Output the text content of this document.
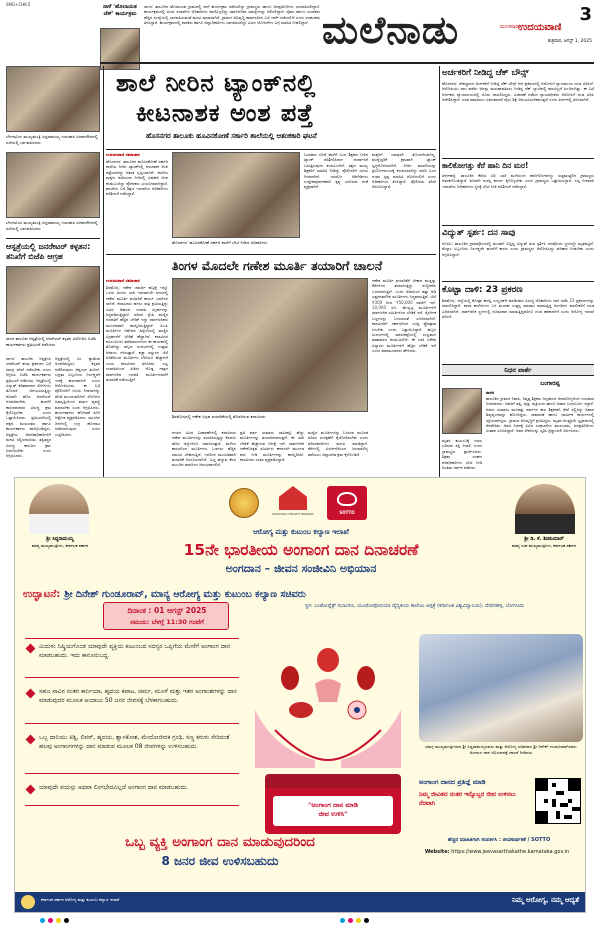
SMG+CHK-5	ನಾಳೆ 'ಹೊಲಾಯತ ಚೆಕ್' ಕಾರ್ಯಕ್ರಮ
ಸಾಗರ: ತಾಲೂಕಿನ ಹೊಲಾಯತ ಗ್ರಾಮದಲ್ಲಿ ನಾಳೆ ಕಾರ್ಯಕ್ರಮ ನಡೆಯಲಿದ್ದು ಗ್ರಾಮಸ್ಥರು ಹಾಗೂ ಜನಪ್ರತಿನಿಧಿಗಳು ಭಾಗವಹಿಸಲಿದ್ದಾರೆ. ಕಾರ್ಯಕ್ರಮದಲ್ಲಿ ವಿವಿಧ ಇಲಾಖೆಗಳ ಅಧಿಕಾರಿಗಳು ಪಾಲ್ಗೊಳ್ಳಲಿದ್ದು ಸಾರ್ವಜನಿಕರ ಸಮಸ್ಯೆಗಳನ್ನು ಆಲಿಸಲಿದ್ದಾರೆ. ರೈತರು ಹಾಗೂ ಯುವಕರು ಹೆಚ್ಚಿನ ಸಂಖ್ಯೆಯಲ್ಲಿ ಭಾಗವಹಿಸುವಂತೆ ಮನವಿ ಮಾಡಲಾಗಿದೆ. ಗ್ರಾಮದ ಅಭಿವೃದ್ಧಿ ಕಾಮಗಾರಿಗಳ ಬಗ್ಗೆ ಚರ್ಚೆ ನಡೆಯಲಿದೆ ಎಂದು ಸಂಘಟಕರು ತಿಳಿಸಿದ್ದಾರೆ. ಕಾರ್ಯಕ್ರಮದಲ್ಲಿ ಶಾಸಕರು ಹಾಗೂ ಜಿಲ್ಲಾಧಿಕಾರಿಗಳು ಭಾಗವಹಿಸಲಿದ್ದು ವಿವಿಧ ಯೋಜನೆಗಳ ಬಗ್ಗೆ ಮಾಹಿತಿ ನೀಡಲಿದ್ದಾರೆ. ಮಲೆನಾಡು	ಮಂಗಳವಾರ ಉದಯವಾಣಿ
3
ಶುಕ್ರವಾರ, ಆಗಸ್ಟ್ 1, 2025
ಬೆಳಗಾವಿಯ ಮುಖ್ಯಮಂತ್ರಿ ಸಿದ್ದರಾಮಯ್ಯ ಗುರುವಾರ ವಿಧಾನಸೌಧದಲ್ಲಿ ಸಭೆಯಲ್ಲಿ ಭಾಗವಹಿಸಿದರು
ಬೆಳಗಾವಿಯ ಮುಖ್ಯಮಂತ್ರಿ ಸಿದ್ದರಾಮಯ್ಯ ಗುರುವಾರ ವಿಧಾನಸೌಧದಲ್ಲಿ ಸಭೆಯಲ್ಲಿ ಭಾಗವಹಿಸಿದರು
ಆಸ್ಪತ್ರೆಯಲ್ಲಿ ಜನರೇಟರ್ ಕಳ್ಳತನ: ತನಿಖೆಗೆ ಬಿಜೆಪಿ ಆಗ್ರಹ
ಸಾಗರ ತಾಲೂಕು ಆಸ್ಪತ್ರೆಯಲ್ಲಿ ಜನರೇಟರ್ ಕಳ್ಳತನ ವಿರೋಧಿಸಿ ಬಿಜೆಪಿ ಕಾರ್ಯಕರ್ತರು ಪ್ರತಿಭಟನೆ ನಡೆಸಿದರು
ಸಾಗರ: ತಾಲೂಕು ಆಸ್ಪತ್ರೆಯ ಜನರೇಟರ್ ಕಳವು ಪ್ರಕರಣದ ಬಗ್ಗೆ ಸಮಗ್ರ ತನಿಖೆ ನಡೆಸಬೇಕು ಎಂದು ಆಗ್ರಹಿಸಿ ಬಿಜೆಪಿ ಕಾರ್ಯಕರ್ತರು ಪ್ರತಿಭಟನೆ ನಡೆಸಿದರು. ಆಸ್ಪತ್ರೆಯಲ್ಲಿ ವಿದ್ಯುತ್ ಕಡಿತವಾದಾಗ ರೋಗಿಗಳು ತೊಂದರೆ ಅನುಭವಿಸುತ್ತಿದ್ದು ಕೂಡಲೇ ಹೊಸ ಜನರೇಟರ್ ಅಳವಡಿಸಬೇಕು. ಘಟನೆಗೆ ಕಾರಣರಾದವರ ವಿರುದ್ಧ ಕ್ರಮ ಕೈಗೊಳ್ಳಬೇಕು ಎಂದು ಒತ್ತಾಯಿಸಿದರು. ಪ್ರತಿಭಟನೆಯಲ್ಲಿ ಪಕ್ಷದ ಮುಖಂಡರು ಹಾಗೂ ಕಾರ್ಯಕರ್ತರು ಪಾಲ್ಗೊಂಡಿದ್ದರು. ಆಸ್ಪತ್ರೆಯ ಆಡಳಿತಾಧಿಕಾರಿಗಳಿಗೆ ಮನವಿ ಸಲ್ಲಿಸಲಾಯಿತು. ತಪ್ಪಿತಸ್ಥರ ವಿರುದ್ಧ ಕಾನೂನು ಕ್ರಮ ಜರುಗಿಸಬೇಕು ಎಂದು ಆಗ್ರಹಿಸಿದರು.
ಆಸ್ಪತ್ರೆಯಲ್ಲಿ ಸಿಸಿ ಕ್ಯಾಮೆರಾ ಅಳವಡಿಸಿದ್ದರೂ ಕಳ್ಳತನ ನಡೆದಿರುವುದು ಆಶ್ಚರ್ಯ ತಂದಿದೆ. ಭದ್ರತಾ ಸಿಬ್ಬಂದಿಯ ನಿರ್ಲಕ್ಷ್ಯವೇ ಇದಕ್ಕೆ ಕಾರಣವಾಗಿದೆ ಎಂದು ಆರೋಪಿಸಿದರು. ಈ ಬಗ್ಗೆ ಪೊಲೀಸರಿಗೆ ದೂರು ನೀಡಲಾಗಿದ್ದು ತನಿಖೆ ಮುಂದುವರಿದಿದೆ. ರೋಗಿಗಳ ಹಿತದೃಷ್ಟಿಯಿಂದ ತುರ್ತು ವ್ಯವಸ್ಥೆ ಮಾಡಬೇಕು ಎಂದು ಆಗ್ರಹಿಸಿದರು. ಕಾರ್ಯಕರ್ತರು ಘೋಷಣೆ ಕೂಗಿ ಆಕ್ರೋಶ ವ್ಯಕ್ತಪಡಿಸಿದರು. ಮುಂದಿನ ದಿನಗಳಲ್ಲಿ ಉಗ್ರ ಹೋರಾಟ ನಡೆಸಲಾಗುವುದು ಎಂದು ಎಚ್ಚರಿಸಿದರು.
ಶಾಲೆ ನೀರಿನ ಟ್ಯಾಂಕ್‌ನಲ್ಲಿ
ಕೀಟನಾಶಕ ಅಂಶ ಪತ್ತೆ
ಹೊಸನಗರ ತಾಲೂಕು ಹೂವಿನಕೋಣೆ ಸರ್ಕಾರಿ ಶಾಲೆಯಲ್ಲಿ ಆತಂಕಕಾರಿ ಘಟನೆ
ಉದಯವಾಣಿ ಸಮಾಚಾರ
ಹೊಸನಗರ: ತಾಲೂಕಿನ ಹೂವಿನಕೋಣೆ ಸರ್ಕಾರಿ ಶಾಲೆಯ ನೀರಿನ ಟ್ಯಾಂಕ್‌ನಲ್ಲಿ ಕೀಟನಾಶಕ ಅಂಶ ಪತ್ತೆಯಾಗಿದ್ದು ಆತಂಕ ಸೃಷ್ಟಿಯಾಗಿದೆ. ಶಾಲೆಯ ಮಕ್ಕಳು ಕುಡಿಯುವ ನೀರಿನಲ್ಲಿ ವಿಷಕಾರಿ ಅಂಶ ಕಂಡುಬಂದಿದ್ದು ಪೋಷಕರು ಭಯಭೀತರಾಗಿದ್ದಾರೆ. ಘಟನೆಯ ಬಗ್ಗೆ ಶಿಕ್ಷಣ ಇಲಾಖೆಯ ಅಧಿಕಾರಿಗಳು ಪರಿಶೀಲನೆ ನಡೆಸಿದ್ದಾರೆ.
ಹೊಸನಗರ: ಹೂವಿನಕೋಣೆ ಸರ್ಕಾರಿ ಶಾಲೆಗೆ ಭೇಟಿ ನೀಡಿದ ಅಧಿಕಾರಿಗಳು
ಬುಧವಾರ ಬೆಳಗ್ಗೆ ಶಾಲೆಗೆ ಬಂದ ಶಿಕ್ಷಕರು ನೀರಿನ ಟ್ಯಾಂಕ್ ಪರಿಶೀಲಿಸಿದಾಗ ದುರ್ವಾಸನೆ ಬರುತ್ತಿರುವುದು ಕಂಡುಬಂದಿದೆ. ತಕ್ಷಣ ಮುಖ್ಯ ಶಿಕ್ಷಕರಿಗೆ ಮಾಹಿತಿ ನೀಡಿದ್ದು ಪೊಲೀಸರಿಗೆ ದೂರು ನೀಡಲಾಗಿದೆ. ಯಾರೋ ಕಿಡಿಗೇಡಿಗಳು ಉದ್ದೇಶಪೂರ್ವಕವಾಗಿ ಕೃತ್ಯ ಎಸಗಿರುವ ಶಂಕೆ ವ್ಯಕ್ತವಾಗಿದೆ.
ಮಕ್ಕಳಿಗೆ ಯಾವುದೇ ತೊಂದರೆಯಾಗಿಲ್ಲ. ಮುನ್ನೆಚ್ಚರಿಕೆ ಕ್ರಮವಾಗಿ ಟ್ಯಾಂಕ್ ಸ್ವಚ್ಛಗೊಳಿಸಲಾಗಿದೆ. ನೀರಿನ ಮಾದರಿಯನ್ನು ಪ್ರಯೋಗಾಲಯಕ್ಕೆ ಕಳುಹಿಸಲಾಗಿದ್ದು ವರದಿ ಬಂದ ನಂತರ ಸ್ಪಷ್ಟ ಮಾಹಿತಿ ದೊರೆಯಲಿದೆ ಎಂದು ಅಧಿಕಾರಿಗಳು ತಿಳಿಸಿದ್ದಾರೆ. ಪೊಲೀಸರು ತನಿಖೆ ಆರಂಭಿಸಿದ್ದಾರೆ.
ತಿಂಗಳ ಮೊದಲೇ ಗಣೇಶ ಮೂರ್ತಿ ತಯಾರಿಗೆ ಚಾಲನೆ
ಉದಯವಾಣಿ ಸಮಾಚಾರ
ಶಿವಮೊಗ್ಗ: ಗಣೇಶ ಚತುರ್ಥಿ ಹಬ್ಬಕ್ಕೆ ಇನ್ನೂ ಒಂದು ತಿಂಗಳು ಬಾಕಿ ಇರುವಾಗಲೇ ನಗರದಲ್ಲಿ ಗಣೇಶ ಮೂರ್ತಿ ತಯಾರಿಕೆ ಕಾರ್ಯ ಭರದಿಂದ ಸಾಗಿದೆ. ಕಲಾವಿದರು ಹಗಲು ರಾತ್ರಿ ಶ್ರಮಿಸುತ್ತಿದ್ದು ವಿವಿಧ ಆಕಾರದ ಗಣಪತಿ ವಿಗ್ರಹಗಳನ್ನು ಸಿದ್ಧಪಡಿಸುತ್ತಿದ್ದಾರೆ. ಪರಿಸರ ಸ್ನೇಹಿ ಮಣ್ಣಿನ ಗಣಪತಿಗೆ ಹೆಚ್ಚಿನ ಬೇಡಿಕೆ ಇದ್ದು ಸಾರ್ವಜನಿಕರು ಮುಂಗಡವಾಗಿ ಕಾಯ್ದಿರಿಸುತ್ತಿದ್ದಾರೆ. ಪಿಒಪಿ ಮೂರ್ತಿಗಳ ನಿಷೇಧದ ಹಿನ್ನೆಲೆಯಲ್ಲಿ ಮಣ್ಣಿನ ವಿಗ್ರಹಗಳಿಗೆ ಬೇಡಿಕೆ ಹೆಚ್ಚಾಗಿದೆ. ಕಲಾವಿದರ ಕುಟುಂಬಗಳು ತಲೆಮಾರುಗಳಿಂದ ಈ ಕಾಯಕದಲ್ಲಿ ತೊಡಗಿದ್ದು ಹಬ್ಬದ ಸಂದರ್ಭದಲ್ಲಿ ಉತ್ತಮ ಆದಾಯ ಗಳಿಸುತ್ತಾರೆ. ಕಚ್ಚಾ ವಸ್ತುಗಳ ಬೆಲೆ ಏರಿಕೆಯಿಂದ ಮೂರ್ತಿಗಳ ಬೆಲೆಯೂ ಹೆಚ್ಚಾಗಿದೆ ಎಂದು ಕಲಾವಿದರು ತಿಳಿಸಿದರು. ಸಣ್ಣ ಗಣಪತಿಯಿಂದ ಹಿಡಿದು ದೊಡ್ಡ ಗಾತ್ರದ ಸಾರ್ವಜನಿಕ ಗಣಪತಿ ಮೂರ್ತಿಗಳವರೆಗೆ ತಯಾರಿಕೆ ನಡೆಯುತ್ತಿದೆ.
ಶಿವಮೊಗ್ಗದಲ್ಲಿ ಗಣೇಶ ವಿಗ್ರಹ ತಯಾರಿಕೆಯಲ್ಲಿ ತೊಡಗಿರುವ ಕಲಾವಿದರು
ನಗರದ ವಿವಿಧ ಬಡಾವಣೆಗಳಲ್ಲಿ ಕಲಾವಿದರು ಗಣೇಶ ಮೂರ್ತಿಗಳನ್ನು ತಯಾರಿಸುತ್ತಿದ್ದು ಕೆಲವರು ಹೊರ ಜಿಲ್ಲೆಗಳಿಗೂ ರವಾನಿಸುತ್ತಾರೆ. ಮಳೆಯ ಕಾರಣದಿಂದ ಮೂರ್ತಿಗಳು ಒಣಗಲು ಹೆಚ್ಚಿನ ಸಮಯ ಬೇಕಾಗುತ್ತಿದೆ. ಇದರಿಂದ ಮುಂಚಿತವಾಗಿ ತಯಾರಿಕೆ ಆರಂಭಿಸಲಾಗಿದೆ. ಬಣ್ಣ ಹಚ್ಚುವ ಕೆಲಸ ಮುಂದಿನ ವಾರದಿಂದ ಆರಂಭವಾಗಲಿದೆ.
ಪ್ರತಿ ವರ್ಷ ಸುಮಾರು ಸಾವಿರಕ್ಕೂ ಹೆಚ್ಚು ಮೂರ್ತಿಗಳನ್ನು ತಯಾರಿಸಲಾಗುತ್ತದೆ. ಈ ಬಾರಿ ಬೇಡಿಕೆ ಹೆಚ್ಚಾಗುವ ನಿರೀಕ್ಷೆ ಇದೆ. ಸಾರ್ವಜನಿಕ ಗಣೇಶೋತ್ಸವ ಸಮಿತಿಗಳು ಈಗಾಗಲೇ ಮುಂಗಡ ಹಣ ನೀಡಿ ಮೂರ್ತಿಗಳನ್ನು ಕಾಯ್ದಿರಿಸಿವೆ. ಕಲಾವಿದರು ಸಂತಸ ವ್ಯಕ್ತಪಡಿಸಿದ್ದಾರೆ.
ಮಣ್ಣಿನ ಮೂರ್ತಿಗಳನ್ನು ಬಳಸುವ ಮೂಲಕ ಪರಿಸರ ಸಂರಕ್ಷಣೆಗೆ ಕೈಜೋಡಿಸಬೇಕು ಎಂದು ಪರಿಸರವಾದಿಗಳು ಮನವಿ ಮಾಡಿದ್ದಾರೆ. ಕೆರೆಗಳಲ್ಲಿ ವಿಸರ್ಜನೆಯಿಂದ ಜಲಮಾಲಿನ್ಯ ತಡೆಯಲು ಜಿಲ್ಲಾಡಳಿತ ಕ್ರಮ ಕೈಗೊಂಡಿದೆ.
ಗಣೇಶ ಮೂರ್ತಿ ತಯಾರಿಕೆಗೆ ಬೇಕಾದ ಮಣ್ಣನ್ನು ಕೆರೆಗಳಿಂದ ತರಲಾಗುತ್ತಿದ್ದು ಶುದ್ಧೀಕರಿಸಿ ಬಳಸಲಾಗುತ್ತದೆ. ಒಂದು ಅಡಿಯಿಂದ ಹತ್ತು ಅಡಿ ಎತ್ತರದವರೆಗಿನ ಮೂರ್ತಿಗಳು ಸಿದ್ಧವಾಗುತ್ತಿವೆ. ಬೆಲೆ ₹300 ರಿಂದ ₹50,000 ರವರೆಗೆ ಇದೆ. 10,000 ರೂ. ಮೇಲ್ಪಟ್ಟ ಮೂರ್ತಿಗಳಿಗೆ ಸಾರ್ವಜನಿಕ ಸಮಿತಿಗಳಿಂದ ಬೇಡಿಕೆ ಇದೆ. ನೈಸರ್ಗಿಕ ಬಣ್ಣಗಳನ್ನು ಬಳಸುವಂತೆ ಸೂಚಿಸಲಾಗಿದೆ. ಕಲಾವಿದರಿಗೆ ಸರ್ಕಾರದಿಂದ ಸೂಕ್ತ ಪ್ರೋತ್ಸಾಹ ಸಿಗಬೇಕು ಎಂದು ಒತ್ತಾಯಿಸಿದ್ದಾರೆ. ಹಬ್ಬದ ಸಂದರ್ಭದಲ್ಲಿ ಮಾರುಕಟ್ಟೆಯಲ್ಲಿ ಸಂಭ್ರಮದ ವಾತಾವರಣ ಕಂಡುಬರಲಿದೆ. ಈ ಬಾರಿ ವಿಶೇಷ ವಿನ್ಯಾಸದ ಮೂರ್ತಿಗಳಿಗೆ ಹೆಚ್ಚಿನ ಬೇಡಿಕೆ ಇದೆ ಎಂದು ಮಾರಾಟಗಾರರು ಹೇಳಿದರು.
ಅರ್ಚಕರಿಗೆ ನೀಡಿದ್ದ ಚೆಕ್ ಬೌನ್ಸ್
ಹೊಸನಗರ: ದೇವಸ್ಥಾನದ ಅರ್ಚಕರಿಗೆ ನೀಡಿದ್ದ ಚೆಕ್ ಬೌನ್ಸ್ ಆದ ಪ್ರಕರಣದಲ್ಲಿ ಆರೋಪಿಗೆ ನ್ಯಾಯಾಲಯ ದಂಡ ವಿಧಿಸಿದೆ. ಆರೋಪಿಯು ಸಾಲ ಪಡೆದು ಅದನ್ನು ಮರುಪಾವತಿಸಲು ನೀಡಿದ್ದ ಚೆಕ್ ಬ್ಯಾಂಕಿನಲ್ಲಿ ಹಣವಿಲ್ಲದೆ ಹಿಂದಿರುಗಿತ್ತು. ಈ ಬಗ್ಗೆ ಅರ್ಚಕರು ನ್ಯಾಯಾಲಯದಲ್ಲಿ ದೂರು ದಾಖಲಿಸಿದ್ದರು. ವಿಚಾರಣೆ ನಡೆಸಿದ ನ್ಯಾಯಾಧೀಶರು ಆರೋಪಿಗೆ ದಂಡ ವಿಧಿಸಿ ಆದೇಶಿಸಿದ್ದಾರೆ. ದಂಡ ಪಾವತಿಸಲು ವಿಫಲವಾದರೆ ಜೈಲು ಶಿಕ್ಷೆ ಅನುಭವಿಸಬೇಕಾಗುತ್ತದೆ ಎಂದು ತೀರ್ಪಿನಲ್ಲಿ ತಿಳಿಸಲಾಗಿದೆ.
ಕಾಲಿಕೋಗತ್ತು ಕೆರೆ ಹಾನಿ ದಿನ ಮರ!
ತೀರ್ಥಹಳ್ಳಿ: ತಾಲೂಕಿನ ಕೆರೆಯ ಏರಿ ಭಾರಿ ಮಳೆಯಿಂದ ಹಾನಿಗೊಳಗಾಗಿದ್ದು ಸುತ್ತಮುತ್ತಲಿನ ಗ್ರಾಮಸ್ಥರು ಆತಂಕಗೊಂಡಿದ್ದಾರೆ. ಕೂಡಲೇ ದುರಸ್ತಿ ಕಾರ್ಯ ಕೈಗೊಳ್ಳಬೇಕು ಎಂದು ಗ್ರಾಮಸ್ಥರು ಒತ್ತಾಯಿಸಿದ್ದಾರೆ. ಸಣ್ಣ ನೀರಾವರಿ ಇಲಾಖೆಯ ಅಧಿಕಾರಿಗಳು ಸ್ಥಳಕ್ಕೆ ಭೇಟಿ ನೀಡಿ ಪರಿಶೀಲನೆ ನಡೆಸಿದ್ದಾರೆ.
ವಿದ್ಯುತ್ ಸ್ಪರ್ಶ: ದನ ಸಾವು
ಸೊರಬ: ತಾಲೂಕಿನ ಗ್ರಾಮವೊಂದರಲ್ಲಿ ತುಂಡಾಗಿ ಬಿದ್ದಿದ್ದ ವಿದ್ಯುತ್ ತಂತಿ ಸ್ಪರ್ಶಿಸಿ ದನವೊಂದು ಸ್ಥಳದಲ್ಲೇ ಮೃತಪಟ್ಟಿದೆ. ಮೆಸ್ಕಾಂ ಸಿಬ್ಬಂದಿಯ ನಿರ್ಲಕ್ಷ್ಯವೇ ಘಟನೆಗೆ ಕಾರಣ ಎಂದು ಗ್ರಾಮಸ್ಥರು ಆರೋಪಿಸಿದ್ದು ಪರಿಹಾರ ನೀಡಬೇಕು ಎಂದು ಆಗ್ರಹಿಸಿದ್ದಾರೆ.
ಕೊಟ್ಟಾ ದಾಳಿ: 23 ಪ್ರಕರಣ
ಶಿವಮೊಗ್ಗ: ಜಿಲ್ಲೆಯಲ್ಲಿ ಕೋಟ್ಪಾ ಕಾಯ್ದೆ ಉಲ್ಲಂಘನೆ ಮಾಡಿದವರ ವಿರುದ್ಧ ಅಧಿಕಾರಿಗಳು ದಾಳಿ ನಡೆಸಿ 23 ಪ್ರಕರಣಗಳನ್ನು ದಾಖಲಿಸಿದ್ದಾರೆ. ಶಾಲಾ ಕಾಲೇಜುಗಳ ಬಳಿ ತಂಬಾಕು ಉತ್ಪನ್ನ ಮಾರಾಟ ಮಾಡುತ್ತಿದ್ದ ಅಂಗಡಿಗಳ ಮಾಲೀಕರಿಗೆ ದಂಡ ವಿಧಿಸಲಾಗಿದೆ. ಸಾರ್ವಜನಿಕ ಸ್ಥಳಗಳಲ್ಲಿ ಧೂಮಪಾನ ಮಾಡುತ್ತಿದ್ದವರಿಗೂ ದಂಡ ಹಾಕಲಾಗಿದೆ ಎಂದು ಆರೋಗ್ಯ ಇಲಾಖೆ ತಿಳಿಸಿದೆ.
ನಿಧನ ವಾರ್ತೆ
ಬಂಗಾರಪ್ಪ
ಸಾಗರ
ತಾಲೂಕಿನ ಗ್ರಾಮದ ನಿವಾಸಿ, ನಿವೃತ್ತ ಶಿಕ್ಷಕರು ಅಲ್ಪಕಾಲದ ಅನಾರೋಗ್ಯದಿಂದ ಗುರುವಾರ ನಿಧನರಾದರು. ಅವರಿಗೆ ಪತ್ನಿ, ಪುತ್ರ, ಪುತ್ರಿಯರು ಹಾಗೂ ಅಪಾರ ಬಂಧುಬಳಗ ಇದ್ದಾರೆ. ಅವರು ಸುಮಾರು ಮೂವತ್ತು ವರ್ಷಗಳ ಕಾಲ ಶಿಕ್ಷಕರಾಗಿ ಸೇವೆ ಸಲ್ಲಿಸಿದ್ದು ಅಪಾರ ಶಿಷ್ಯವೃಂದವನ್ನು ಹೊಂದಿದ್ದರು. ಸಾಮಾಜಿಕ ಹಾಗೂ ಧಾರ್ಮಿಕ ಕಾರ್ಯಗಳಲ್ಲಿ ಸಕ್ರಿಯರಾಗಿದ್ದರು. ಗ್ರಾಮದ ಅಭಿವೃದ್ಧಿಗೆ ಶ್ರಮಿಸಿದ್ದರು. ಮೃತರ ಅಂತ್ಯಕ್ರಿಯೆ ಸ್ವಗ್ರಾಮದಲ್ಲಿ ನೆರವೇರಿತು. ಅವರ ನಿಧನಕ್ಕೆ ವಿವಿಧ ಸಂಘಟನೆಗಳ ಮುಖಂಡರು, ಜನಪ್ರತಿನಿಧಿಗಳು ಸಂತಾಪ ಸೂಚಿಸಿದ್ದಾರೆ. ಅವರ ಸೇವೆಯನ್ನು ಸ್ಮರಿಸಿ ಶ್ರದ್ಧಾಂಜಲಿ ಅರ್ಪಿಸಿದರು.
ಮೃತರ ಕುಟುಂಬಕ್ಕೆ ದುಃಖ ಭರಿಸುವ ಶಕ್ತಿ ನೀಡಲಿ ಎಂದು ಗ್ರಾಮಸ್ಥರು ಪ್ರಾರ್ಥಿಸಿದರು. ಶಿಕ್ಷಕರ ಸಂಘದ ಪದಾಧಿಕಾರಿಗಳು ಭೇಟಿ ನೀಡಿ ಅಂತಿಮ ದರ್ಶನ ಪಡೆದರು.
ಶ್ರೀ ಸಿದ್ದರಾಮಯ್ಯ
ಮಾನ್ಯ ಮುಖ್ಯಮಂತ್ರಿಗಳು, ಕರ್ನಾಟಕ ಸರ್ಕಾರ
ಶ್ರೀ ಡಿ. ಕೆ. ಶಿವಕುಮಾರ್
ಮಾನ್ಯ ಉಪ ಮುಖ್ಯಮಂತ್ರಿಗಳು, ಕರ್ನಾಟಕ ಸರ್ಕಾರ
NATIONAL HEALTH MISSION	SOTTO
ಆರೋಗ್ಯ ಮತ್ತು ಕುಟುಂಬ ಕಲ್ಯಾಣ ಇಲಾಖೆ
15ನೇ ಭಾರತೀಯ ಅಂಗಾಂಗ ದಾನ ದಿನಾಚರಣೆ
ಅಂಗದಾನ – ಜೀವನ ಸಂಜೀವಿನಿ ಅಭಿಯಾನ
ಉದ್ಘಾಟನೆ: ಶ್ರೀ ದಿನೇಶ್ ಗುಂಡೂರಾವ್, ಮಾನ್ಯ ಆರೋಗ್ಯ ಮತ್ತು ಕುಟುಂಬ ಕಲ್ಯಾಣ ಸಚಿವರು
ದಿನಾಂಕ : 01 ಆಗಸ್ಟ್ 2025
ಸಮಯ: ಬೆಳಗ್ಗೆ 11:30 ಗಂಟೆಗೆ
ಸ್ಥಳ: ಎಂಡೋಪ್ಲೆಕ್ಸ್ ಸಭಾಂಗಣ, ಯೂರೋಫೋಬಿಯಾ ವೈದ್ಯಕೀಯ ಕಾಲೇಜು ಆಸ್ಪತ್ರೆ (ಕರ್ನಾಟಕ ವಿಶ್ವವಿದ್ಯಾಲಯ), ದೇವನಹಳ್ಳಿ, ಬೆಂಗಳೂರು
ಮಿದುಳು ನಿಷ್ಕ್ರಿಯಗೊಂಡ ಯಾವುದೇ ವ್ಯಕ್ತಿಯ ಕುಟುಂಬದ ಸದಸ್ಯರ ಒಪ್ಪಿಗೆಯ ಮೇರೆಗೆ ಅಂಗಾಂಗ ದಾನ ಮಾಡಬಹುದು. ಇದು ಕಾನೂನುಬದ್ಧ.
ಸಹಜ ಸಾವಿನ ನಂತರ ಕಾರ್ನಿಯಾ, ಹೃದಯ ಕವಾಟ, ಚರ್ಮ, ಮೂಳೆ ಮತ್ತು ಇತರ ಅಂಗಾಂಶಗಳನ್ನು ದಾನ ಮಾಡುವುದರ ಮೂಲಕ ಅಂದಾಜು 50 ಜನರ ಜೀವನಕ್ಕೆ ಬೆಳಕಾಗಬಹುದು.
ಒಬ್ಬ ದಾನಿಯು ಕಿಡ್ನಿ, ಲಿವರ್, ಹೃದಯ, ಶ್ವಾಸಕೋಶ, ಮೇದೋಜೀರಕ ಗ್ರಂಥಿ, ಸಣ್ಣ ಕರುಳು ಸೇರಿದಂತೆ ಹಲವು ಅಂಗಾಂಗಗಳನ್ನು ದಾನ ಮಾಡುವ ಮೂಲಕ 08 ಜೀವಗಳನ್ನು ಉಳಿಸಬಹುದು.
ಯಾವುದೇ ವಯಸ್ಸು ಅಥವಾ ಲಿಂಗಭೇದವಿಲ್ಲದೆ ಅಂಗಾಂಗ ದಾನ ಮಾಡಬಹುದು.
"ಅಂಗಾಂಗ ದಾನ ಮಾಡಿ
ಜೀವ ಉಳಿಸಿ"
ಸಮಗ್ರ ಮುಖ್ಯಮಂತ್ರಿಗಳಾದ ಶ್ರೀ ಸಿದ್ದರಾಮಯ್ಯನವರು ಮತ್ತು ಆರೋಗ್ಯ ಸಚಿವರಾದ ಶ್ರೀ ದಿನೇಶ್ ಗುಂಡೂರಾವ್‌ರವರು ಅಂಗಾಂಗ ದಾನ ಅಭಿಯಾನಕ್ಕೆ ಚಾಲನೆ ನೀಡಿದರು
ಅಂಗಾಂಗ ದಾನದ ಪ್ರತಿಜ್ಞೆ ಮಾಡಿ
ನಿಮ್ಮ ಜೀವಿತದ ನಂತರ ಇನ್ನೊಬ್ಬರ ಜೀವ ಉಳಿಸಲು ನೆರವಾಗಿ
ಒಬ್ಬ ವ್ಯಕ್ತಿ ಅಂಗಾಂಗ ದಾನ ಮಾಡುವುದರಿಂದ
8 ಜನರ ಜೀವ ಉಳಿಸಬಹುದು
ಹೆಚ್ಚಿನ ಮಾಹಿತಿಗಾಗಿ ಸಂಪರ್ಕಿಸಿ : ಜೀವಸಾರ್ಥಕತೆ / SOTTO
Website: https://www.jeevasarthakathe.karnataka.gov.in
ಕರ್ನಾಟಕ ಸರ್ಕಾರ ಆರೋಗ್ಯ ಮತ್ತು ಕುಟುಂಬ ಕಲ್ಯಾಣ ಇಲಾಖೆ	ನಿಮ್ಮ ಆರೋಗ್ಯ, ನಮ್ಮ ಆದ್ಯತೆ
